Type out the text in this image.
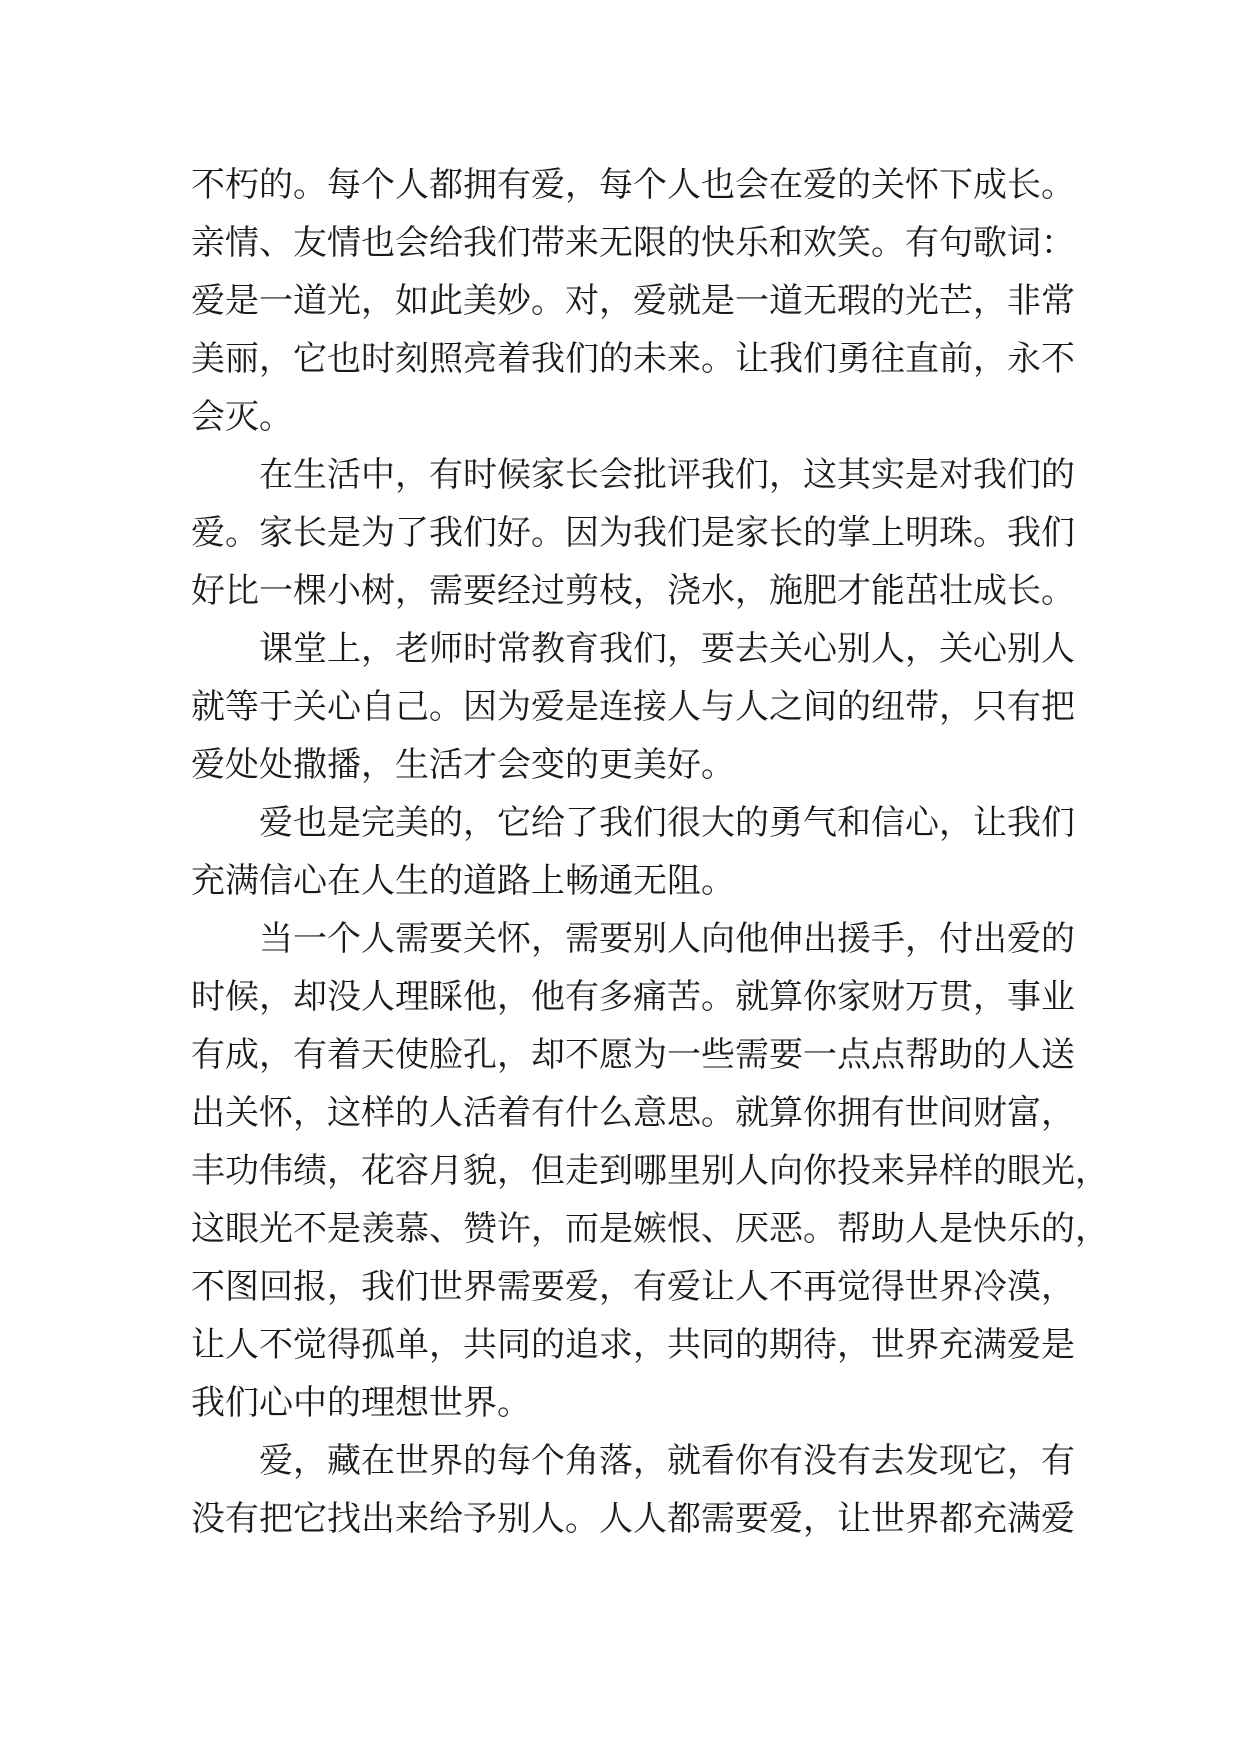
不朽的。每个人都拥有爱，每个人也会在爱的关怀下成长。
亲情、友情也会给我们带来无限的快乐和欢笑。有句歌词：
爱是一道光，如此美妙。对，爱就是一道无瑕的光芒，非常
美丽，它也时刻照亮着我们的未来。让我们勇往直前，永不
会灭。
在生活中，有时候家长会批评我们，这其实是对我们的
爱。家长是为了我们好。因为我们是家长的掌上明珠。我们
好比一棵小树，需要经过剪枝，浇水，施肥才能茁壮成长。
课堂上，老师时常教育我们，要去关心别人，关心别人
就等于关心自己。因为爱是连接人与人之间的纽带，只有把
爱处处撒播，生活才会变的更美好。
爱也是完美的，它给了我们很大的勇气和信心，让我们
充满信心在人生的道路上畅通无阻。
当一个人需要关怀，需要别人向他伸出援手，付出爱的
时候，却没人理睬他，他有多痛苦。就算你家财万贯，事业
有成，有着天使脸孔，却不愿为一些需要一点点帮助的人送
出关怀，这样的人活着有什么意思。就算你拥有世间财富，
丰功伟绩，花容月貌，但走到哪里别人向你投来异样的眼光，
这眼光不是羡慕、赞许，而是嫉恨、厌恶。帮助人是快乐的，
不图回报，我们世界需要爱，有爱让人不再觉得世界冷漠，
让人不觉得孤单，共同的追求，共同的期待，世界充满爱是
我们心中的理想世界。
爱，藏在世界的每个角落，就看你有没有去发现它，有
没有把它找出来给予别人。人人都需要爱，让世界都充满爱
